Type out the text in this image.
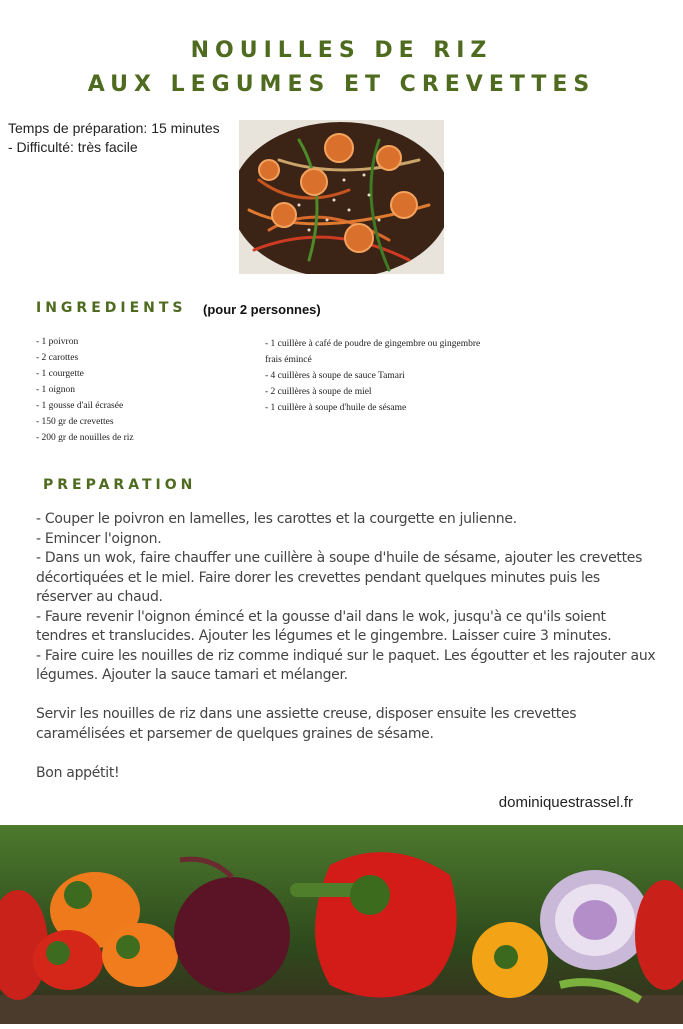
NOUILLES DE RIZ
AUX LEGUMES ET CREVETTES
Temps de préparation: 15 minutes
- Difficulté: très facile
INGREDIENTS (pour 2 personnes)
- 1 poivron
- 2 carottes
- 1 courgette
- 1 oignon
- 1 gousse d'ail écrasée
- 150 gr de crevettes
- 200 gr de nouilles de riz
- 1 cuillère à café de poudre de gingembre ou gingembre
frais émincé
- 4 cuillères à soupe de sauce Tamari
- 2 cuillères à soupe de miel
- 1 cuillère à soupe d'huile de sésame
PREPARATION

- Couper le poivron en lamelles, les carottes et la courgette en julienne.

- Emincer l'oignon.

- Dans un wok, faire chauffer une cuillère à soupe d'huile de sésame, ajouter les crevettes décortiquées et le miel. Faire dorer les crevettes pendant quelques minutes puis les réserver au chaud.

- Faure revenir l'oignon émincé et la gousse d'ail dans le wok, jusqu'à ce qu'ils soient tendres et translucides. Ajouter les légumes et le gingembre. Laisser cuire 3 minutes.

- Faire cuire les nouilles de riz comme indiqué sur le paquet. Les égoutter et les rajouter aux légumes. Ajouter la sauce tamari et mélanger.

Servir les nouilles de riz dans une assiette creuse, disposer ensuite les crevettes caramélisées et parsemer de quelques graines de sésame.

Bon appétit!

dominiquestrassel.fr
